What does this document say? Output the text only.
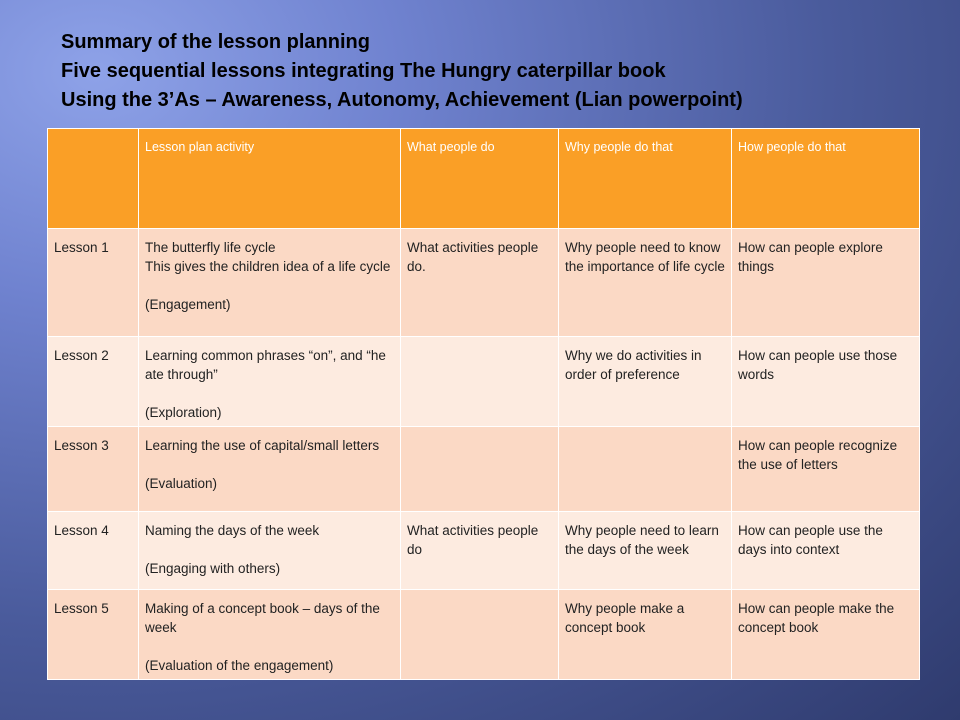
Summary of the lesson planning
Five sequential lessons integrating The Hungry caterpillar book
Using the 3’As – Awareness, Autonomy, Achievement (Lian powerpoint)
	Lesson plan activity	What people do	Why people do that	How people do that
Lesson 1	The butterfly life cycle
This gives the children idea of a life cycle
(Engagement)	What activities people do.	Why people need to know the importance of life cycle	How can people explore things
Lesson 2	Learning common phrases “on”, and “he ate through”
(Exploration)		Why we do activities in order of preference	How can people use those words
Lesson 3	Learning the use of capital/small letters
(Evaluation)			How can people recognize the use of letters
Lesson 4	Naming the days of the week
(Engaging with others)	What activities people do	Why people need to learn the days of the week	How can people use the days into context
Lesson 5	Making of a concept book – days of the week
(Evaluation of the engagement)		Why people make a concept book	How can people make the concept book
